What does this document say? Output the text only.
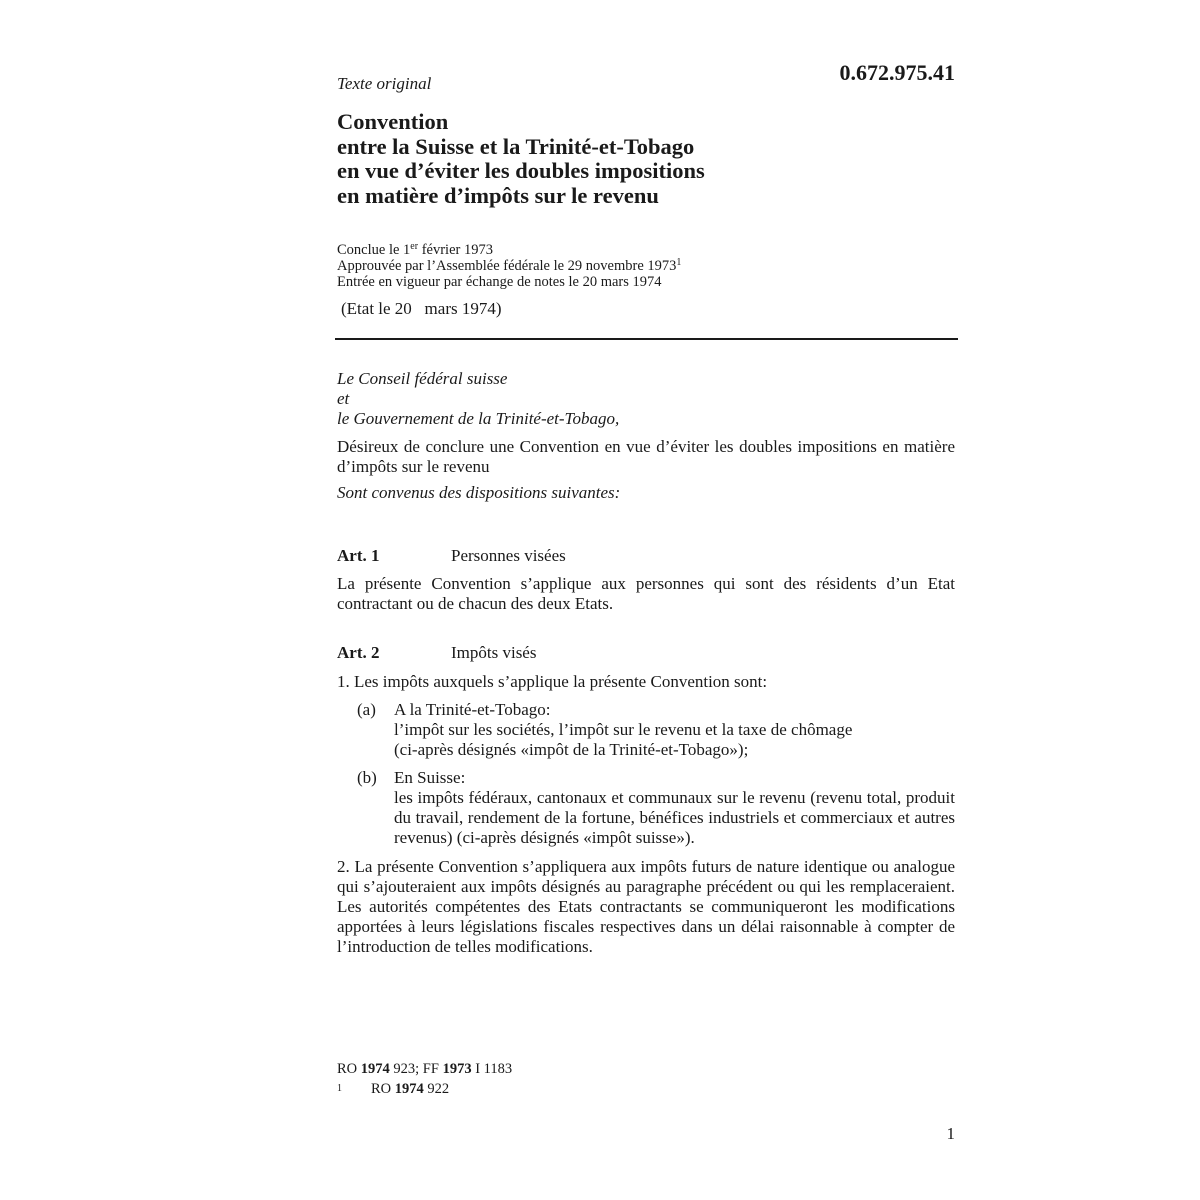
Texte original	0.672.975.41
Convention
entre la Suisse et la Trinité-et-Tobago
en vue d’éviter les doubles impositions
en matière d’impôts sur le revenu
Conclue le 1er février 1973
Approuvée par l’Assemblée fédérale le 29 novembre 1973$^1$
Entrée en vigueur par échange de notes le 20 mars 1974
(Etat le 20   mars 1974)
Le Conseil fédéral suisse
et
le Gouvernement de la Trinité-et-Tobago,
Désireux de conclure une Convention en vue d’éviter les doubles impositions en matière d’impôts sur le revenu
Sont convenus des dispositions suivantes:
Art. 1	Personnes visées
La présente Convention s’applique aux personnes qui sont des résidents d’un Etat contractant ou de chacun des deux Etats.
Art. 2	Impôts visés
1. Les impôts auxquels s’applique la présente Convention sont:
(a) A la Trinité-et-Tobago:
l’impôt sur les sociétés, l’impôt sur le revenu et la taxe de chômage
(ci-après désignés «impôt de la Trinité-et-Tobago»);
(b) En Suisse:
les impôts fédéraux, cantonaux et communaux sur le revenu (revenu total, produit du travail, rendement de la fortune, bénéfices industriels et commerciaux et autres revenus) (ci-après désignés «impôt suisse»).
2. La présente Convention s’appliquera aux impôts futurs de nature identique ou analogue qui s’ajouteraient aux impôts désignés au paragraphe précédent ou qui les remplaceraient. Les autorités compétentes des Etats contractants se communiqueront les modifications apportées à leurs législations fiscales respectives dans un délai raisonnable à compter de l’introduction de telles modifications.
RO 1974 923; FF 1973 I 1183
1 RO 1974 922
1
